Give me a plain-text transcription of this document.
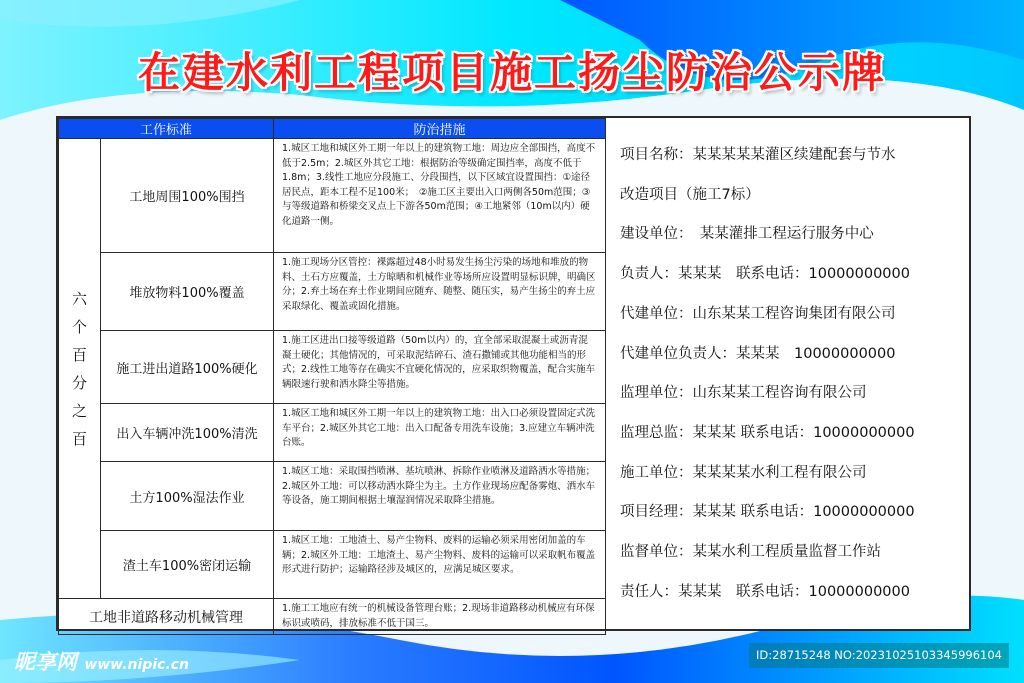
在建水利工程项目施工扬尘防治公示牌
工作标准		防治措施

六
个
百
分
之
百
	工地周围100%围挡	1.城区工地和城区外工期一年以上的建筑物工地：周边应全部围挡，高度不低于2.5m；2.城区外其它工地：根据防治等级确定围挡率，高度不低于1.8m；3.线性工地应分段施工、分段围挡，以下区域宜设置围挡：①途径居民点，距本工程不足100米；　②施工区主要出入口两侧各50m范围；③与等级道路和桥梁交叉点上下游各50m范围；④工地紧邻（10m以内）硬化道路一侧。
	堆放物料100%覆盖	1.施工现场分区管控：裸露超过48小时易发生扬尘污染的场地和堆放的物料、土石方应覆盖，土方晾晒和机械作业等场所应设置明显标识牌，明确区分；2.弃土场在弃土作业期间应随弃、随整、随压实，易产生扬尘的弃土应采取绿化、覆盖或固化措施。
	施工进出道路100%硬化	1.施工区进出口接等级道路（50m以内）的，宜全部采取混凝土或沥青混凝土硬化；其他情况的，可采取泥结碎石、渣石撒铺或其他功能相当的形式；2.线性工地等存在确实不宜硬化情况的，应采取织物覆盖，配合实施车辆限速行驶和洒水降尘等措施。
	出入车辆冲洗100%清洗	1.城区工地和城区外工期一年以上的建筑物工地：出入口必须设置固定式洗车平台；2.城区外其它工地：出入口配备专用洗车设施；3.应建立车辆冲洗台账。
	土方100%湿法作业	1.城区工地：采取围挡喷淋、基坑喷淋、拆除作业喷淋及道路洒水等措施；2.城区外工地：可以移动洒水降尘为主。土方作业现场应配备雾炮、洒水车等设备，施工期间根据土壤湿润情况采取降尘措施。
	渣土车100%密闭运输	1.城区工地：工地渣土、易产尘物料、废料的运输必须采用密闭加盖的车辆；2.城区外工地：工地渣土、易产尘物料、废料的运输可以采取帆布覆盖形式进行防护；运输路径涉及城区的，应满足城区要求。
工地非道路移动机械管理		1.施工工地应有统一的机械设备管理台账；2.现场非道路移动机械应有环保标识或喷码，排放标准不低于国三。

项目名称：某某某某某灌区续建配套与节水

改造项目（施工7标）

建设单位：　某某灌排工程运行服务中心

负责人：某某某　联系电话：10000000000

代建单位：山东某某工程咨询集团有限公司

代建单位负责人：某某某　10000000000

监理单位：山东某某工程咨询有限公司

监理总监：某某某 联系电话：10000000000

施工单位：某某某某水利工程有限公司

项目经理：某某某 联系电话：10000000000

监督单位：某某水利工程质量监督工作站

责任人：某某某　联系电话：10000000000

昵享网 www.nipic.cn
ID:28715248 NO:20231025103345996104
